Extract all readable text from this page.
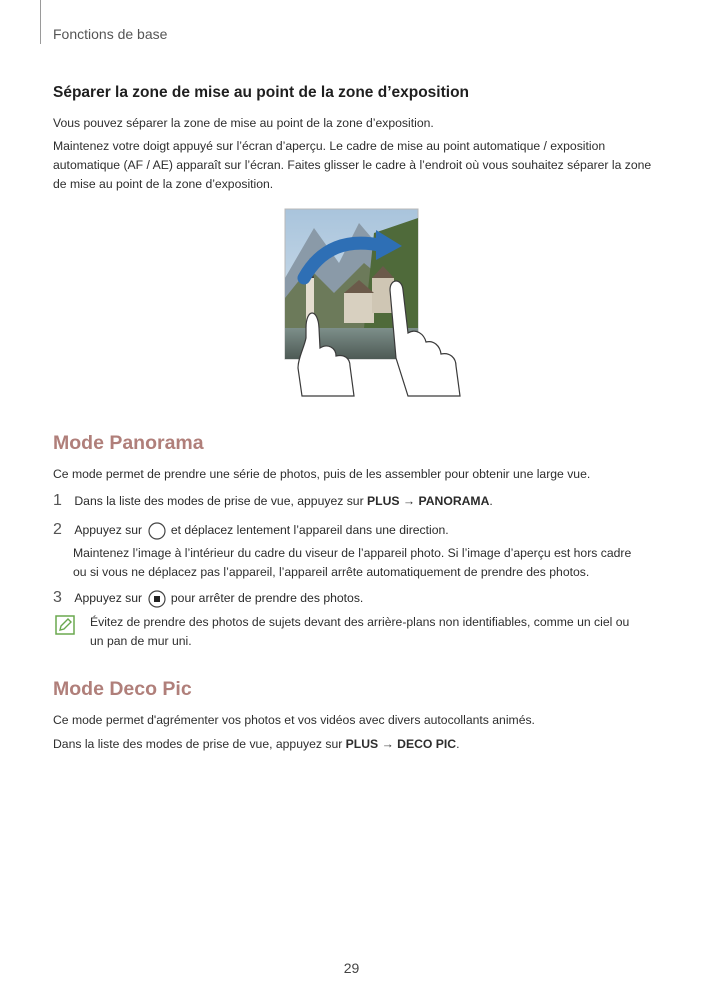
Fonctions de base
Séparer la zone de mise au point de la zone d’exposition

Vous pouvez séparer la zone de mise au point de la zone d’exposition.

Maintenez votre doigt appuyé sur l’écran d’aperçu. Le cadre de mise au point automatique / exposition

automatique (AF / AE) apparaît sur l’écran. Faites glisser le cadre à l’endroit où vous souhaitez séparer la zone

de mise au point de la zone d’exposition.

Mode Panorama

Ce mode permet de prendre une série de photos, puis de les assembler pour obtenir une large vue.

1 Dans la liste des modes de prise de vue, appuyez sur PLUS → PANORAMA.
2 Appuyez sur  et déplacez lentement l’appareil dans une direction.

Maintenez l’image à l’intérieur du cadre du viseur de l’appareil photo. Si l’image d’aperçu est hors cadre

ou si vous ne déplacez pas l’appareil, l’appareil arrête automatiquement de prendre des photos.

3 Appuyez sur  pour arrêter de prendre des photos.

Évitez de prendre des photos de sujets devant des arrière-plans non identifiables, comme un ciel ou

un pan de mur uni.

Mode Deco Pic

Ce mode permet d'agrémenter vos photos et vos vidéos avec divers autocollants animés.

Dans la liste des modes de prise de vue, appuyez sur PLUS → DECO PIC.

29
